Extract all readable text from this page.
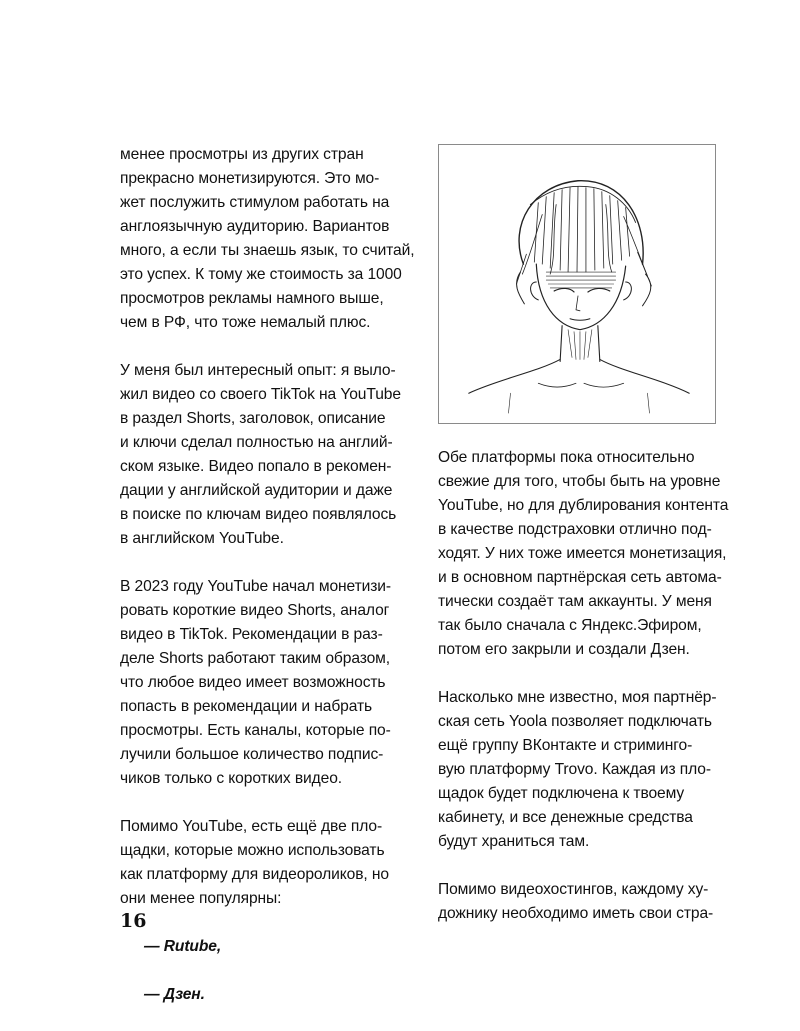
менее просмотры из других стран
прекрасно монетизируются. Это мо-
жет послужить стимулом работать на
англоязычную аудиторию. Вариантов
много, а если ты знаешь язык, то считай,
это успех. К тому же стоимость за 1000
просмотров рекламы намного выше,
чем в РФ, что тоже немалый плюс.

У меня был интересный опыт: я выло-
жил видео со своего TikTok на YouTube
в раздел Shorts, заголовок, описание
и ключи сделал полностью на англий-
ском языке. Видео попало в рекомен-
дации у английской аудитории и даже
в поиске по ключам видео появлялось
в английском YouTube.

В 2023 году YouTube начал монетизи-
ровать короткие видео Shorts, аналог
видео в TikTok. Рекомендации в раз-
деле Shorts работают таким образом,
что любое видео имеет возможность
попасть в рекомендации и набрать
просмотры. Есть каналы, которые по-
лучили большое количество подпис-
чиков только с коротких видео.

Помимо YouTube, есть ещё две пло-
щадки, которые можно использовать
как платформу для видеороликов, но
они менее популярны:

— Rutube,
— Дзен.

Обе платформы пока относительно
свежие для того, чтобы быть на уровне
YouTube, но для дублирования контента
в качестве подстраховки отлично под-
ходят. У них тоже имеется монетизация,
и в основном партнёрская сеть автома-
тически создаёт там аккаунты. У меня
так было сначала с Яндекс.Эфиром,
потом его закрыли и создали Дзен.

Насколько мне известно, моя партнёр-
ская сеть Yoola позволяет подключать
ещё группу ВКонтакте и стриминго-
вую платформу Trovo. Каждая из пло-
щадок будет подключена к твоему
кабинету, и все денежные средства
будут храниться там.

Помимо видеохостингов, каждому ху-
дожнику необходимо иметь свои стра-

16
